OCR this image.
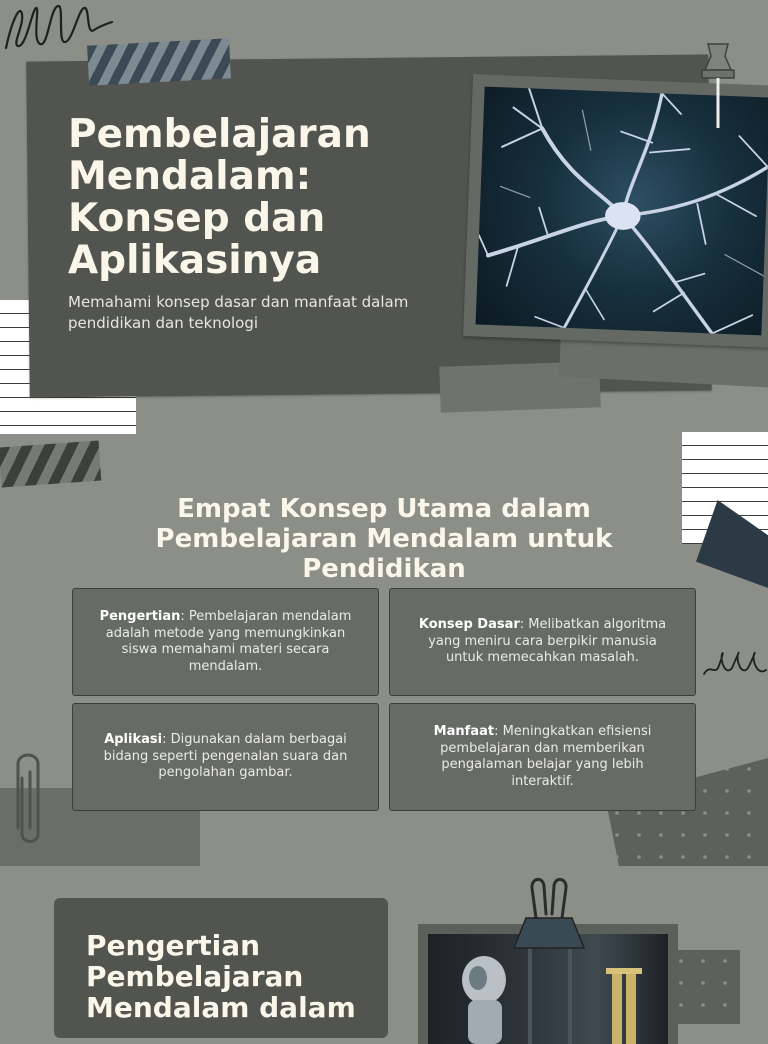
Pembelajaran Mendalam: Konsep dan Aplikasinya

Memahami konsep dasar dan manfaat dalam pendidikan dan teknologi

Empat Konsep Utama dalam Pembelajaran Mendalam untuk Pendidikan
Pengertian: Pembelajaran mendalam adalah metode yang memungkinkan siswa memahami materi secara mendalam.
Konsep Dasar: Melibatkan algoritma yang meniru cara berpikir manusia untuk memecahkan masalah.
Aplikasi: Digunakan dalam berbagai bidang seperti pengenalan suara dan pengolahan gambar.
Manfaat: Meningkatkan efisiensi pembelajaran dan memberikan pengalaman belajar yang lebih interaktif.
Pengertian Pembelajaran Mendalam dalam
